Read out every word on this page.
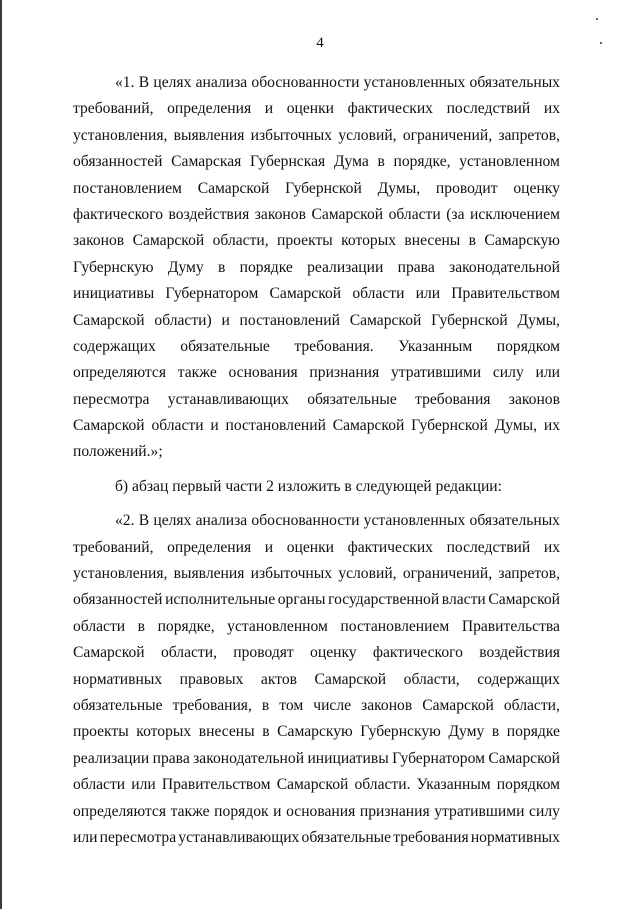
4
«1. В целях анализа обоснованности установленных обязательных
требований, определения и оценки фактических последствий их
установления, выявления избыточных условий, ограничений, запретов,
обязанностей Самарская Губернская Дума в порядке, установленном
постановлением Самарской Губернской Думы, проводит оценку
фактического воздействия законов Самарской области (за исключением
законов Самарской области, проекты которых внесены в Самарскую
Губернскую Думу в порядке реализации права законодательной
инициативы Губернатором Самарской области или Правительством
Самарской области) и постановлений Самарской Губернской Думы,
содержащих обязательные требования. Указанным порядком
определяются также основания признания утратившими силу или
пересмотра устанавливающих обязательные требования законов
Самарской области и постановлений Самарской Губернской Думы, их
положений.»;
б) абзац первый части 2 изложить в следующей редакции:
«2. В целях анализа обоснованности установленных обязательных
требований, определения и оценки фактических последствий их
установления, выявления избыточных условий, ограничений, запретов,
обязанностей исполнительные органы государственной власти Самарской
области в порядке, установленном постановлением Правительства
Самарской области, проводят оценку фактического воздействия
нормативных правовых актов Самарской области, содержащих
обязательные требования, в том числе законов Самарской области,
проекты которых внесены в Самарскую Губернскую Думу в порядке
реализации права законодательной инициативы Губернатором Самарской
области или Правительством Самарской области. Указанным порядком
определяются также порядок и основания признания утратившими силу
или пересмотра устанавливающих обязательные требования нормативных
